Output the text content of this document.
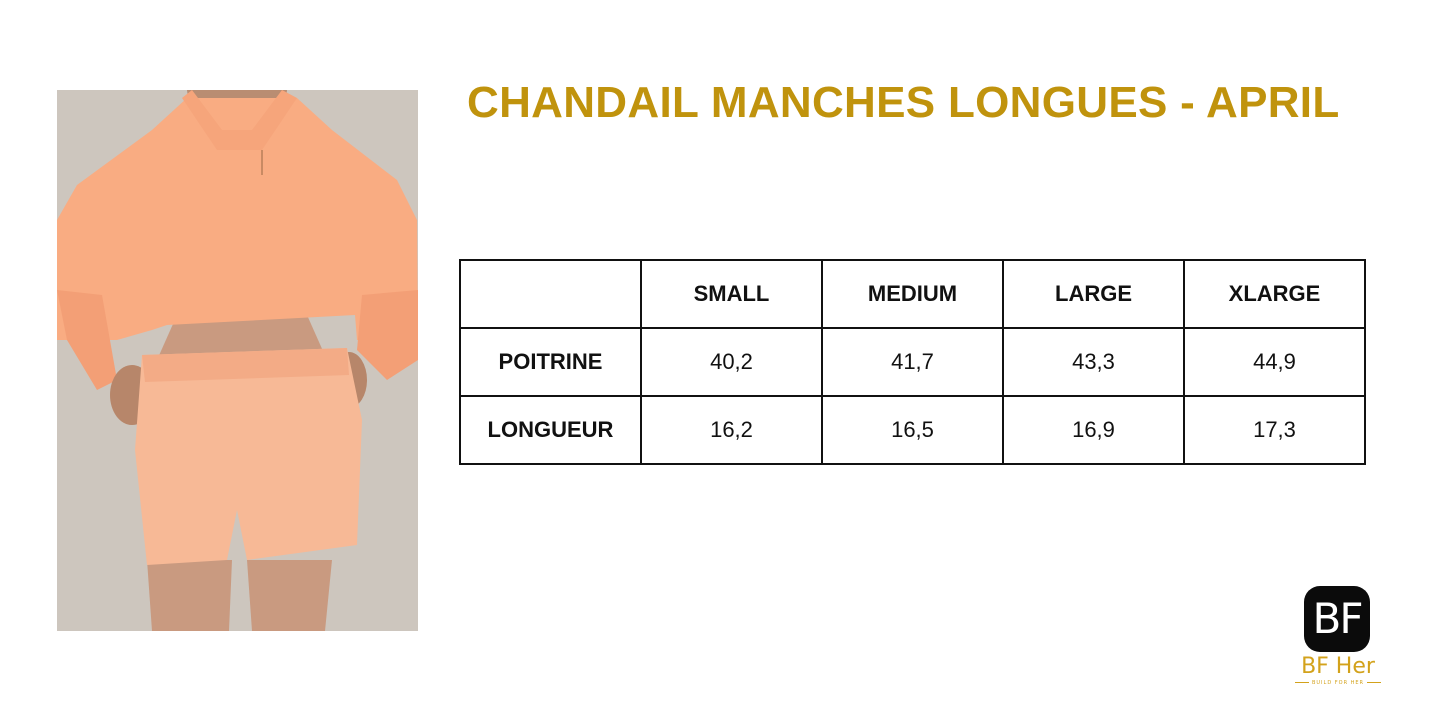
CHANDAIL MANCHES LONGUES - APRIL
	SMALL	MEDIUM	LARGE	XLARGE
POITRINE	40,2	41,7	43,3	44,9
LONGUEUR	16,2	16,5	16,9	17,3
BF
BF Her
BUILD FOR HER
